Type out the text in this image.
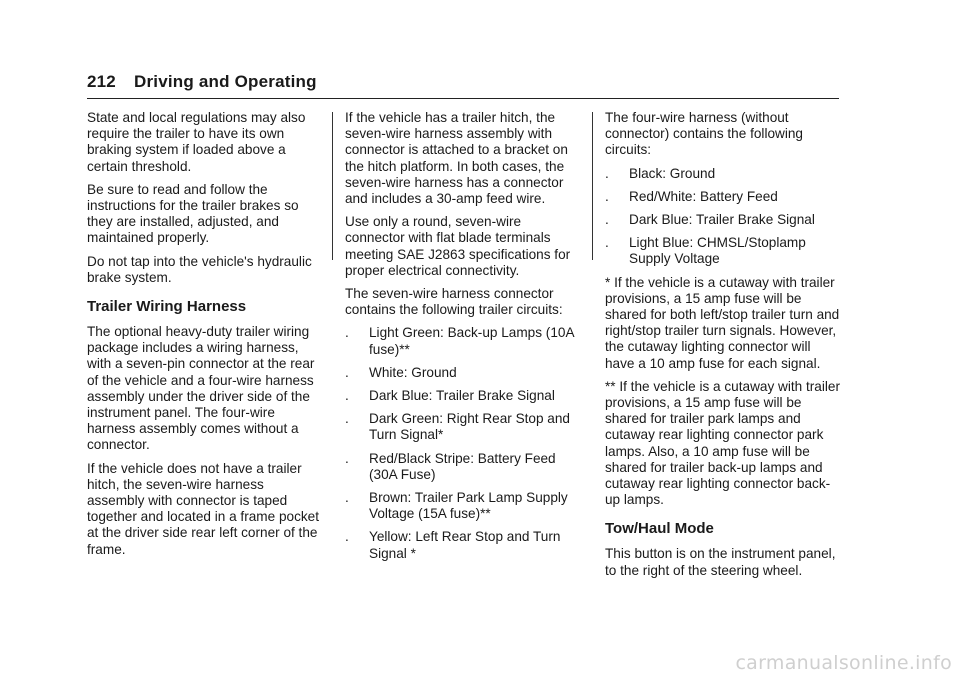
212 Driving and Operating

State and local regulations may also require the trailer to have its own braking system if loaded above a certain threshold.

Be sure to read and follow the instructions for the trailer brakes so they are installed, adjusted, and maintained properly.

Do not tap into the vehicle's hydraulic brake system.

Trailer Wiring Harness

The optional heavy-duty trailer wiring package includes a wiring harness, with a seven-pin connector at the rear of the vehicle and a four-wire harness assembly under the driver side of the instrument panel. The four-wire harness assembly comes without a connector.

If the vehicle does not have a trailer hitch, the seven-wire harness assembly with connector is taped together and located in a frame pocket at the driver side rear left corner of the frame.

If the vehicle has a trailer hitch, the seven-wire harness assembly with connector is attached to a bracket on the hitch platform. In both cases, the seven-wire harness has a connector and includes a 30-amp feed wire.

Use only a round, seven-wire connector with flat blade terminals meeting SAE J2863 specifications for proper electrical connectivity.

The seven-wire harness connector contains the following trailer circuits:

. Light Green: Back-up Lamps (10A fuse)**
. White: Ground
. Dark Blue: Trailer Brake Signal
. Dark Green: Right Rear Stop and Turn Signal*
. Red/Black Stripe: Battery Feed (30A Fuse)
. Brown: Trailer Park Lamp Supply Voltage (15A fuse)**
. Yellow: Left Rear Stop and Turn Signal *

The four-wire harness (without connector) contains the following circuits:

. Black: Ground
. Red/White: Battery Feed
. Dark Blue: Trailer Brake Signal
. Light Blue: CHMSL/Stoplamp Supply Voltage

* If the vehicle is a cutaway with trailer provisions, a 15 amp fuse will be shared for both left/stop trailer turn and right/stop trailer turn signals. However, the cutaway lighting connector will have a 10 amp fuse for each signal.

** If the vehicle is a cutaway with trailer provisions, a 15 amp fuse will be shared for trailer park lamps and cutaway rear lighting connector park lamps. Also, a 10 amp fuse will be shared for trailer back-up lamps and cutaway rear lighting connector back-up lamps.

Tow/Haul Mode

This button is on the instrument panel, to the right of the steering wheel.

carmanualsonline.info
